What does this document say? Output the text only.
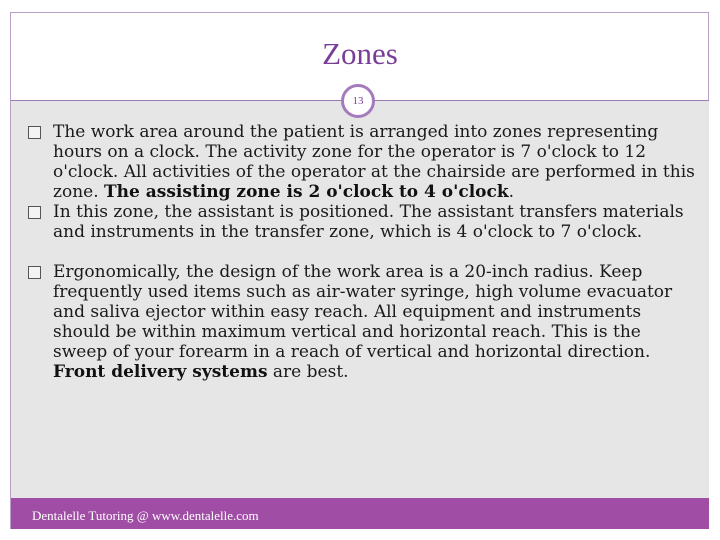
Zones
13

The work area around the patient is arranged into zones representing hours on a clock. The activity zone for the operator is 7 o'clock to 12 o'clock. All activities of the operator at the chairside are performed in this zone. The assisting zone is 2 o'clock to 4 o'clock.

In this zone, the assistant is positioned. The assistant transfers materials and instruments in the transfer zone, which is 4 o'clock to 7 o'clock.

Ergonomically, the design of the work area is a 20-inch radius. Keep frequently used items such as air-water syringe, high volume evacuator and saliva ejector within easy reach. All equipment and instruments should be within maximum vertical and horizontal reach. This is the sweep of your forearm in a reach of vertical and horizontal direction. Front delivery systems are best.

Dentalelle Tutoring @ www.dentalelle.com
